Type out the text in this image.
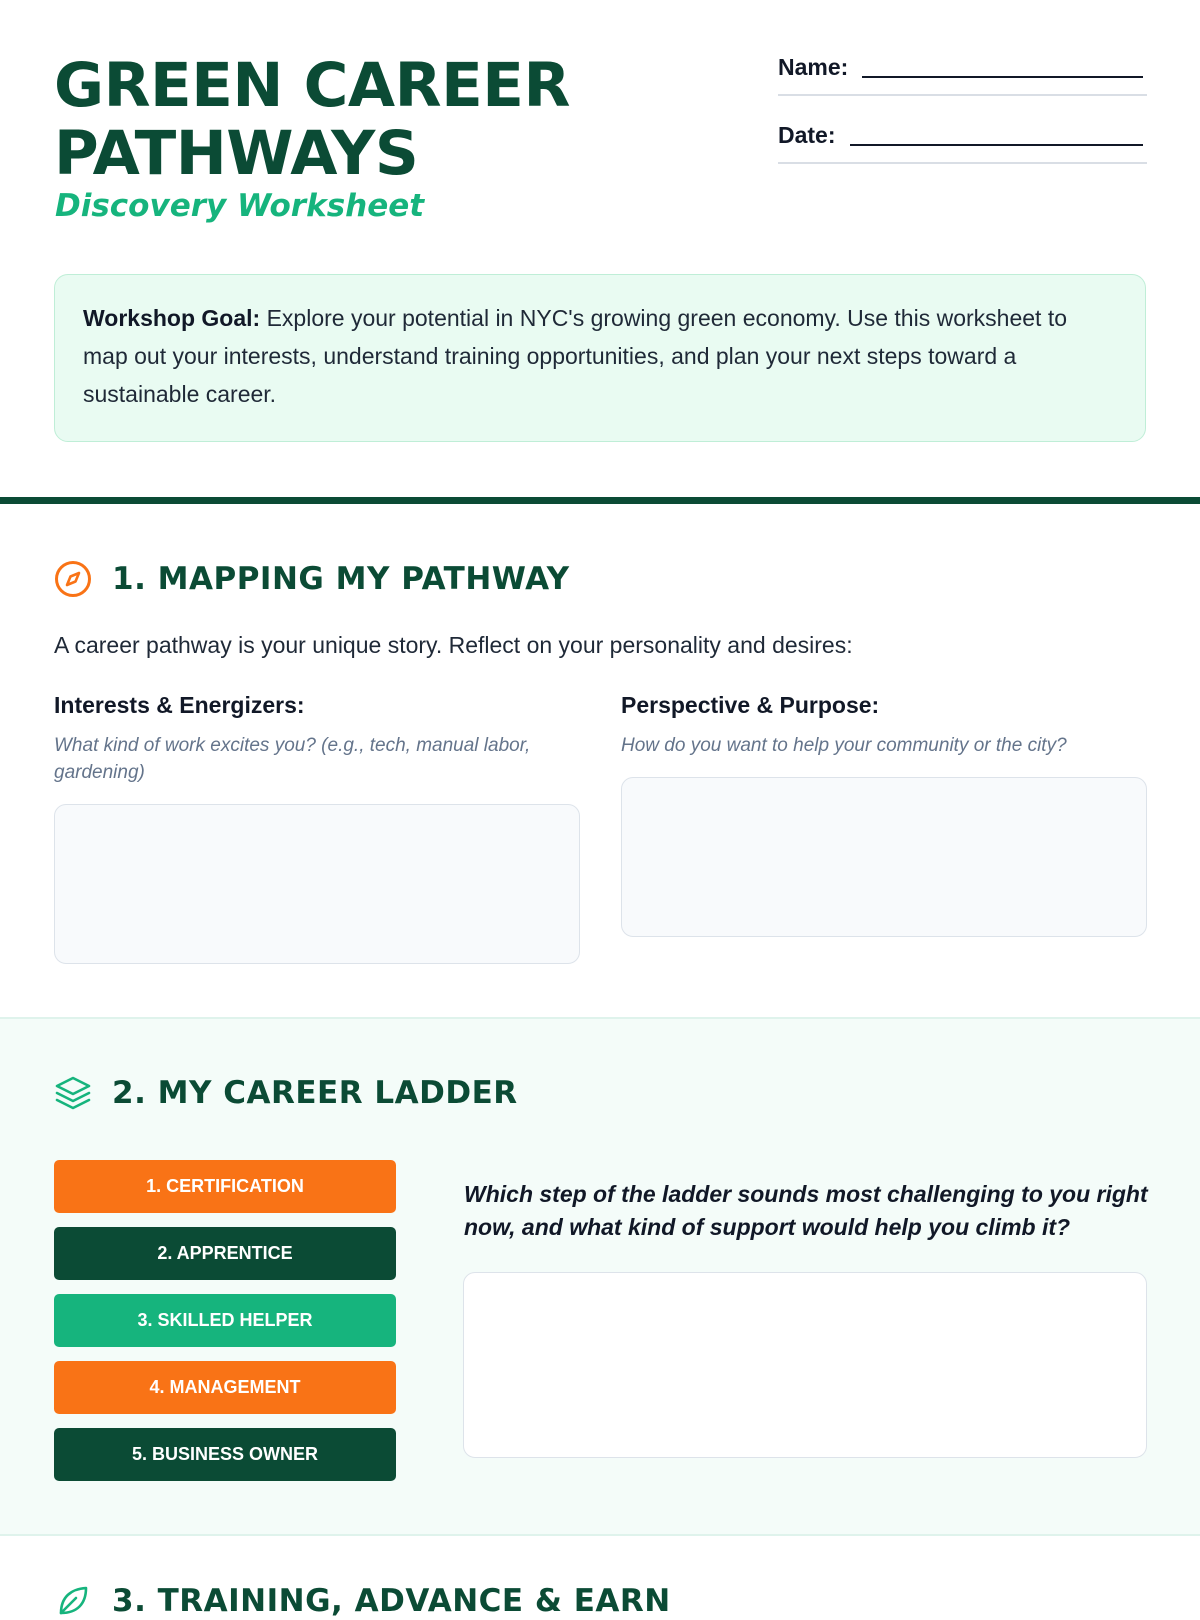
GREEN CAREER
PATHWAYS
Discovery Worksheet
Name:
Date:
Workshop Goal: Explore your potential in NYC's growing green economy. Use this worksheet to map out your interests, understand training opportunities, and plan your next steps toward a sustainable career.
1. MAPPING MY PATHWAY
A career pathway is your unique story. Reflect on your personality and desires:
Interests & Energizers:
What kind of work excites you? (e.g., tech, manual labor, gardening)
Perspective & Purpose:
How do you want to help your community or the city?
2. MY CAREER LADDER
1. CERTIFICATION
2. APPRENTICE
3. SKILLED HELPER
4. MANAGEMENT
5. BUSINESS OWNER
Which step of the ladder sounds most challenging to you right now, and what kind of support would help you climb it?
3. TRAINING, ADVANCE & EARN
